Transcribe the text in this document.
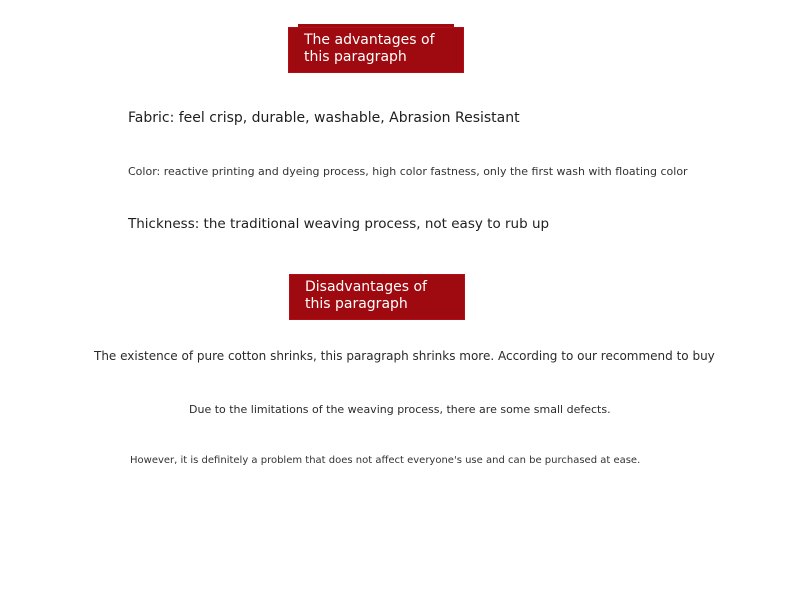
The advantages of this paragraph
Fabric: feel crisp, durable, washable, Abrasion Resistant
Color: reactive printing and dyeing process, high color fastness, only the first wash with floating color
Thickness: the traditional weaving process, not easy to rub up
Disadvantages of this paragraph
The existence of pure cotton shrinks, this paragraph shrinks more. According to our recommend to buy
Due to the limitations of the weaving process, there are some small defects.
However, it is definitely a problem that does not affect everyone's use and can be purchased at ease.
